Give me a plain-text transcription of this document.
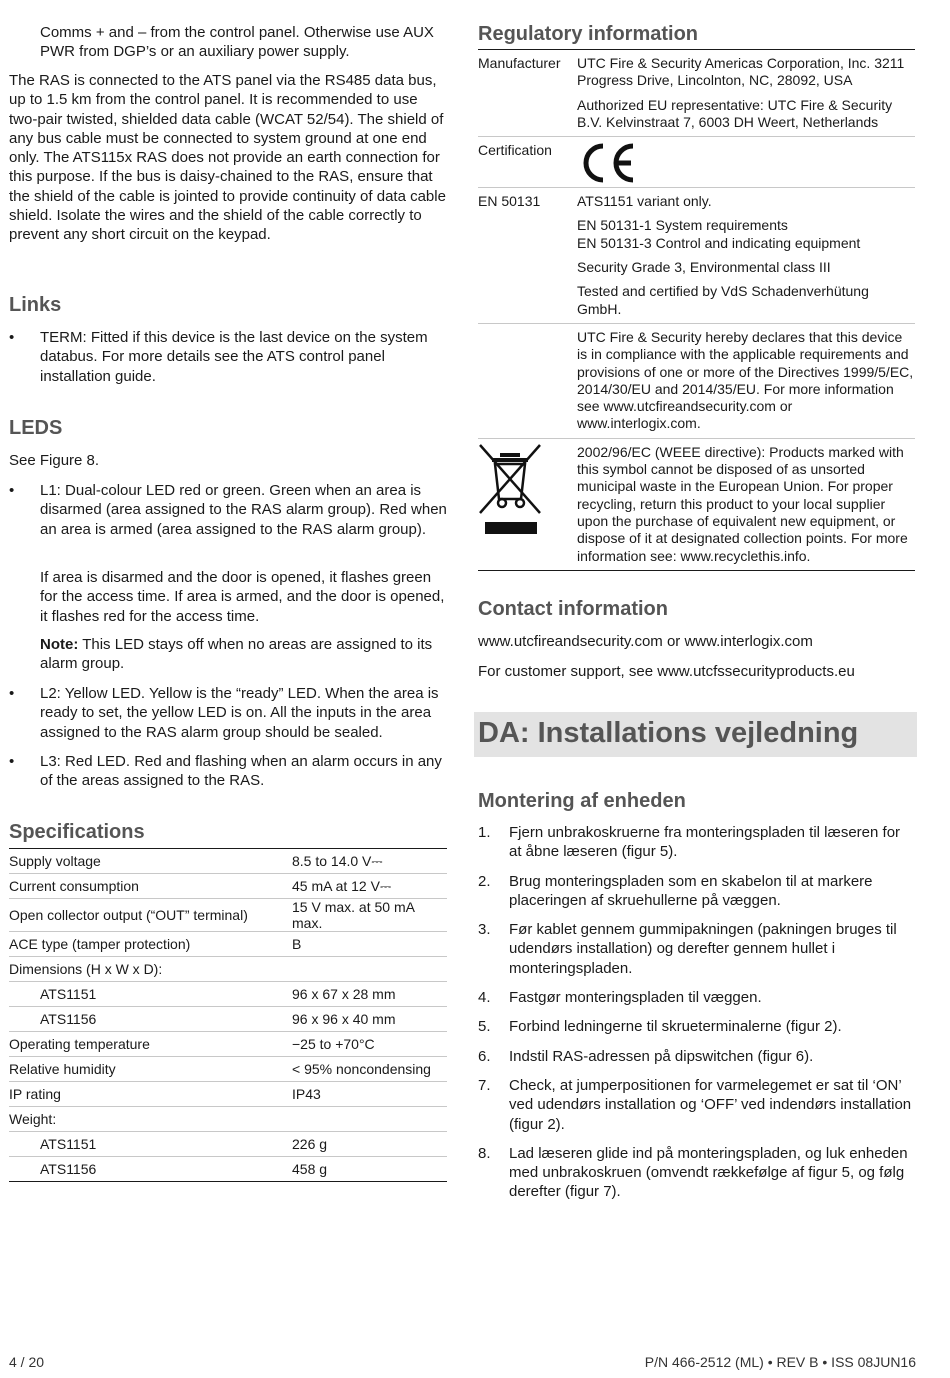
Comms + and – from the control panel. Otherwise use AUX PWR from DGP’s or an auxiliary power supply.

The RAS is connected to the ATS panel via the RS485 data bus, up to 1.5 km from the control panel. It is recommended to use two-pair twisted, shielded data cable (WCAT 52/54). The shield of any bus cable must be connected to system ground at one end only. The ATS115x RAS does not provide an earth connection for this purpose. If the bus is daisy-chained to the RAS, ensure that the shield of the cable is jointed to provide continuity of data cable shield. Isolate the wires and the shield of the cable correctly to prevent any short circuit on the keypad.

Links

• TERM: Fitted if this device is the last device on the system databus. For more details see the ATS control panel installation guide.

LEDS

See Figure 8.

• L1: Dual-colour LED red or green. Green when an area is disarmed (area assigned to the RAS alarm group). Red when an area is armed (area assigned to the RAS alarm group).

If area is disarmed and the door is opened, it flashes green for the access time. If area is armed, and the door is opened, it flashes red for the access time.

Note: This LED stays off when no areas are assigned to its alarm group.

• L2: Yellow LED. Yellow is the “ready” LED. When the area is ready to set, the yellow LED is on. All the inputs in the area assigned to the RAS alarm group should be sealed.

• L3: Red LED. Red and flashing when an alarm occurs in any of the areas assigned to the RAS.

Specifications
Supply voltage	8.5 to 14.0 V⎓
Current consumption	45 mA at 12 V⎓
Open collector output (“OUT” terminal)	15 V max. at 50 mA max.
ACE type (tamper protection)	B
Dimensions (H x W x D):	
ATS1151	96 x 67 x 28 mm
ATS1156	96 x 96 x 40 mm
Operating temperature	−25 to +70°C
Relative humidity	< 95% noncondensing
IP rating	IP43
Weight:	
ATS1151	226 g
ATS1156	458 g
Regulatory information
Manufacturer	UTC Fire & Security Americas Corporation, Inc. 3211 Progress Drive, Lincolnton, NC, 28092, USA
Authorized EU representative: UTC Fire & Security B.V. Kelvinstraat 7, 6003 DH Weert, Netherlands
Certification
EN 50131	ATS1151 variant only.
EN 50131-1 System requirements
EN 50131-3 Control and indicating equipment
Security Grade 3, Environmental class III
Tested and certified by VdS Schadenverhütung GmbH.
UTC Fire & Security hereby declares that this device is in compliance with the applicable requirements and provisions of one or more of the Directives 1999/5/EC, 2014/30/EU and 2014/35/EU. For more information see www.utcfireandsecurity.com or www.interlogix.com.
2002/96/EC (WEEE directive): Products marked with this symbol cannot be disposed of as unsorted municipal waste in the European Union. For proper recycling, return this product to your local supplier upon the purchase of equivalent new equipment, or dispose of it at designated collection points. For more information see: www.recyclethis.info.
Contact information

www.utcfireandsecurity.com or www.interlogix.com

For customer support, see www.utcfssecurityproducts.eu

DA: Installations vejledning
Montering af enheden

1. Fjern unbrakoskruerne fra monteringspladen til læseren for at åbne læseren (figur 5).

2. Brug monteringspladen som en skabelon til at markere placeringen af skruehullerne på væggen.

3. Før kablet gennem gummipakningen (pakningen bruges til udendørs installation) og derefter gennem hullet i monteringspladen.

4. Fastgør monteringspladen til væggen.

5. Forbind ledningerne til skrueterminalerne (figur 2).

6. Indstil RAS-adressen på dipswitchen (figur 6).

7. Check, at jumperpositionen for varmelegemet er sat til ‘ON’ ved udendørs installation og ‘OFF’ ved indendørs installation (figur 2).

8. Lad læseren glide ind på monteringspladen, og luk enheden med unbrakoskruen (omvendt rækkefølge af figur 5, og følg derefter (figur 7).

4 / 20	P/N 466-2512 (ML) • REV B • ISS 08JUN16
